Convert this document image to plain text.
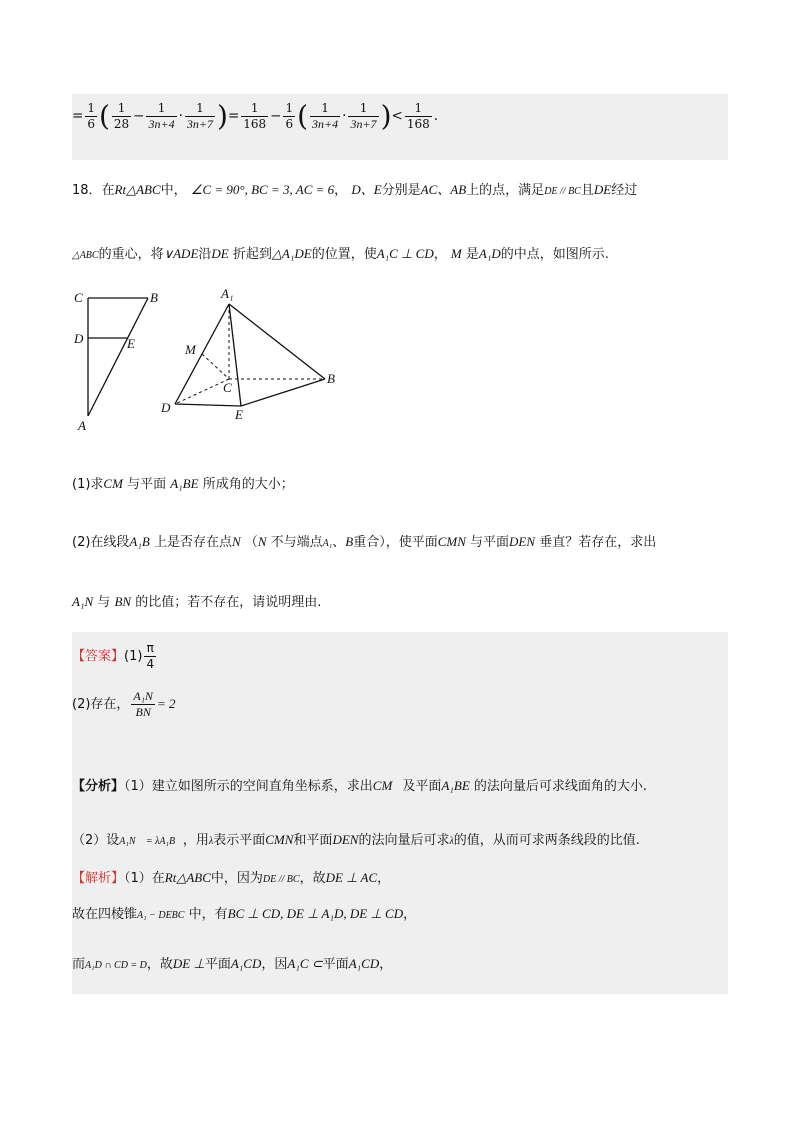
= $\frac{1}{6}$ ( $\frac{1}{28} - \frac{1}{3n+4} \cdot \frac{1}{3n+7}$ )= $\frac{1}{168} - \frac{1}{6}$ ( $\frac{1}{3n+4} \cdot \frac{1}{3n+7}$ )< $\frac{1}{168}$ .
18．在Rt△ABC中， ∠C = 90°, BC = 3, AC = 6， D、E分别是AC、AB上的点，满足DE // BC且DE经过
△ABC的重心，将∨ADE沿DE 折起到△A₁DE的位置，使A₁C ⊥ CD， M 是A₁D的中点，如图所示.
C	B
D	E
A
A₁
M
C
B
D	E
(1)求CM 与平面 A₁BE 所成角的大小；
(2)在线段A₁B 上是否存在点N （N 不与端点A₁、B重合），使平面CMN 与平面DEN 垂直？若存在，求出
A₁N 与 BN 的比值；若不存在，请说明理由.
【答案】$(1) \frac{\pi}{4}$
(2)存在， $\frac{\text{A₁N}}{BN} = 2$
【分析】（1）建立如图所示的空间直角坐标系，求出CM⃗及平面A₁BE 的法向量后可求线面角的大小.
（2）设A₁N⃗ = λA₁B⃗，用λ表示平面CMN和平面DEN的法向量后可求λ的值，从而可求两条线段的比值.
【解析】（1）在Rt△ABC中，因为DE // BC，故DE ⊥ AC，
故在四棱锥A₁ − DEBC 中，有BC ⊥ CD, DE ⊥ A₁D, DE ⊥ CD，
而A₁D ∩ CD = D，故DE ⊥平面A₁CD，因A₁C ⊂平面A₁CD，
